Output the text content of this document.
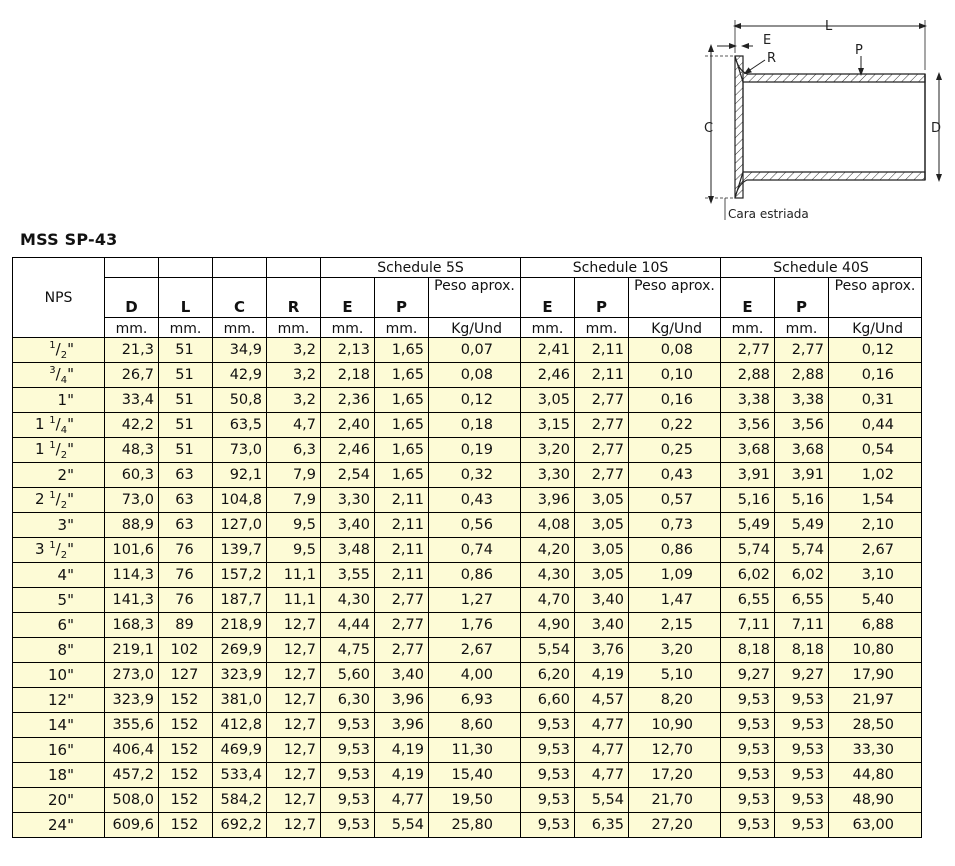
C	D
L
E
R
P
Cara estriada
MSS SP-43
NPS					Schedule 5S			Schedule 10S			Schedule 40S		
	D	L	C	R	E	P	Peso aprox.	E	P	Peso aprox.	E	P	Peso aprox.
	mm.	mm.	mm.	mm.	mm.	mm.	Kg/Und	mm.	mm.	Kg/Und	mm.	mm.	Kg/Und
$^1/_2$"	21,3	51	34,9	3,2	2,13	1,65	0,07	2,41	2,11	0,08	2,77	2,77	0,12
$^3/_4$"	26,7	51	42,9	3,2	2,18	1,65	0,08	2,46	2,11	0,10	2,88	2,88	0,16
1"	33,4	51	50,8	3,2	2,36	1,65	0,12	3,05	2,77	0,16	3,38	3,38	0,31
1 $^1/_4$"	42,2	51	63,5	4,7	2,40	1,65	0,18	3,15	2,77	0,22	3,56	3,56	0,44
1 $^1/_2$"	48,3	51	73,0	6,3	2,46	1,65	0,19	3,20	2,77	0,25	3,68	3,68	0,54
2"	60,3	63	92,1	7,9	2,54	1,65	0,32	3,30	2,77	0,43	3,91	3,91	1,02
2 $^1/_2$"	73,0	63	104,8	7,9	3,30	2,11	0,43	3,96	3,05	0,57	5,16	5,16	1,54
3"	88,9	63	127,0	9,5	3,40	2,11	0,56	4,08	3,05	0,73	5,49	5,49	2,10
3 $^1/_2$"	101,6	76	139,7	9,5	3,48	2,11	0,74	4,20	3,05	0,86	5,74	5,74	2,67
4"	114,3	76	157,2	11,1	3,55	2,11	0,86	4,30	3,05	1,09	6,02	6,02	3,10
5"	141,3	76	187,7	11,1	4,30	2,77	1,27	4,70	3,40	1,47	6,55	6,55	5,40
6"	168,3	89	218,9	12,7	4,44	2,77	1,76	4,90	3,40	2,15	7,11	7,11	6,88
8"	219,1	102	269,9	12,7	4,75	2,77	2,67	5,54	3,76	3,20	8,18	8,18	10,80
10"	273,0	127	323,9	12,7	5,60	3,40	4,00	6,20	4,19	5,10	9,27	9,27	17,90
12"	323,9	152	381,0	12,7	6,30	3,96	6,93	6,60	4,57	8,20	9,53	9,53	21,97
14"	355,6	152	412,8	12,7	9,53	3,96	8,60	9,53	4,77	10,90	9,53	9,53	28,50
16"	406,4	152	469,9	12,7	9,53	4,19	11,30	9,53	4,77	12,70	9,53	9,53	33,30
18"	457,2	152	533,4	12,7	9,53	4,19	15,40	9,53	4,77	17,20	9,53	9,53	44,80
20"	508,0	152	584,2	12,7	9,53	4,77	19,50	9,53	5,54	21,70	9,53	9,53	48,90
24"	609,6	152	692,2	12,7	9,53	5,54	25,80	9,53	6,35	27,20	9,53	9,53	63,00
